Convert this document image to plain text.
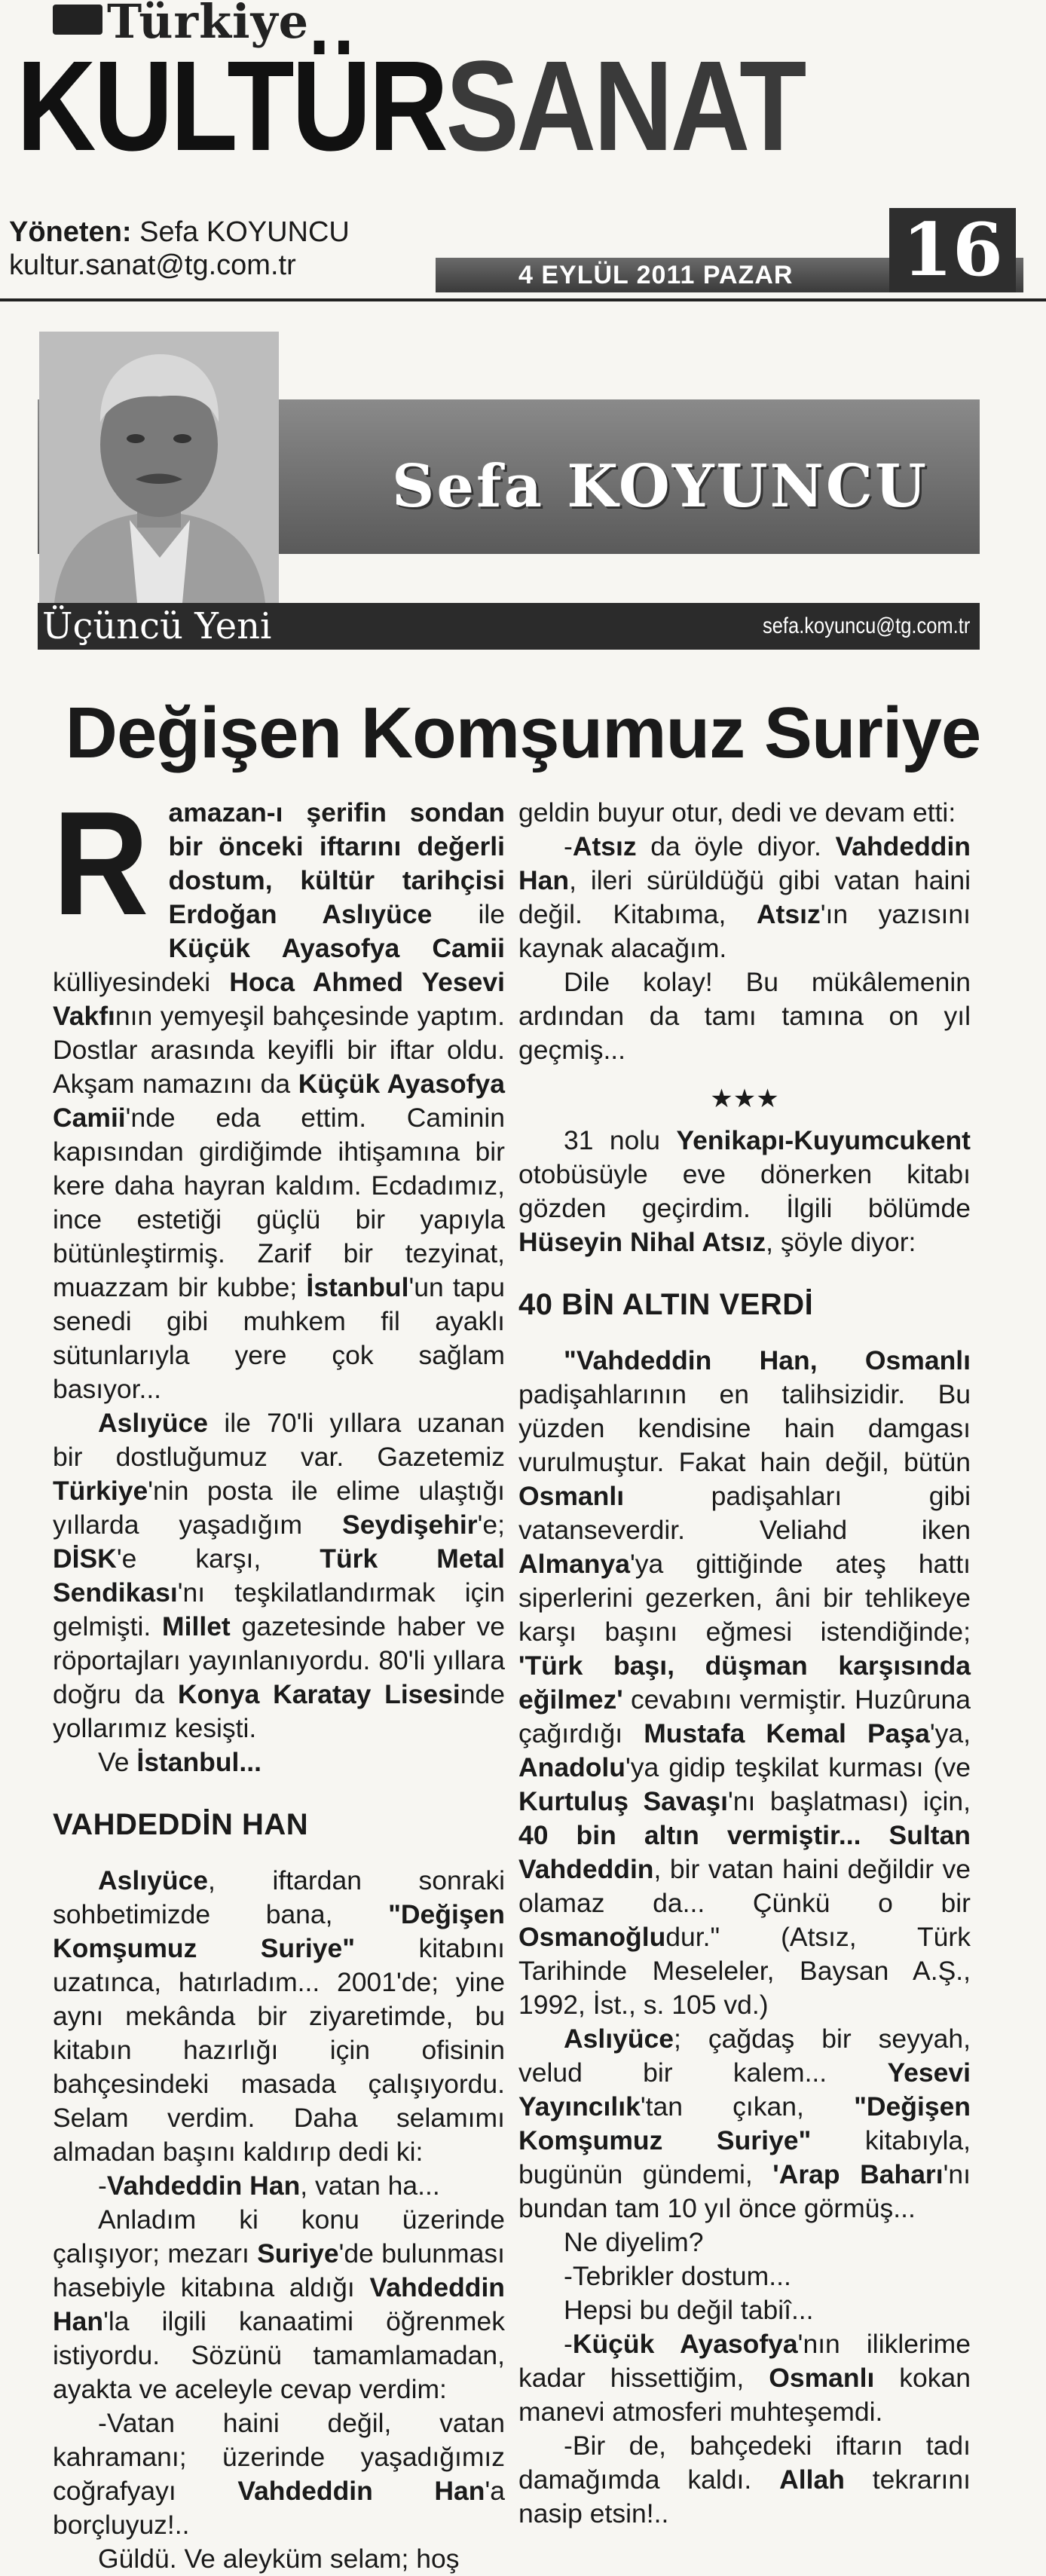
Türkiye
KULTÜRSANAT
Yöneten: Sefa KOYUNCU
kultur.sanat@tg.com.tr	4 EYLÜL 2011 PAZAR	16
Sefa KOYUNCU
Üçüncü Yeni	sefa.koyuncu@tg.com.tr
Değişen Komşumuz Suriye

Ramazan-ı şerifin sondan bir önceki iftarını değerli dostum, kültür tarihçisi Erdoğan Aslıyüce ile Küçük Ayasofya Camii külliyesindeki Hoca Ahmed Yesevi Vakfının yemyeşil bahçesinde yaptım. Dostlar arasında keyifli bir iftar oldu. Akşam namazını da Küçük Ayasofya Camii'nde eda ettim. Caminin kapısından girdiğimde ihtişamına bir kere daha hayran kaldım. Ecdadımız, ince estetiği güçlü bir yapıyla bütünleştirmiş. Zarif bir tezyinat, muazzam bir kubbe; İstanbul'un tapu senedi gibi muhkem fil ayaklı sütunlarıyla yere çok sağlam basıyor...

Aslıyüce ile 70'li yıllara uzanan bir dostluğumuz var. Gazetemiz Türkiye'nin posta ile elime ulaştığı yıllarda yaşadığım Seydişehir'e; DİSK'e karşı, Türk Metal Sendikası'nı teşkilatlandırmak için gelmişti. Millet gazetesinde haber ve röportajları yayınlanıyordu. 80'li yıllara doğru da Konya Karatay Lisesinde yollarımız kesişti.

Ve İstanbul...

VAHDEDDİN HAN

Aslıyüce, iftardan sonraki sohbetimizde bana, "Değişen Komşumuz Suriye" kitabını uzatınca, hatırladım... 2001'de; yine aynı mekânda bir ziyaretimde, bu kitabın hazırlığı için ofisinin bahçesindeki masada çalışıyordu. Selam verdim. Daha selamımı almadan başını kaldırıp dedi ki:

-Vahdeddin Han, vatan ha...

Anladım ki konu üzerinde çalışıyor; mezarı Suriye'de bulunması hasebiyle kitabına aldığı Vahdeddin Han'la ilgili kanaatimi öğrenmek istiyordu. Sözünü tamamlamadan, ayakta ve aceleyle cevap verdim:

-Vatan haini değil, vatan kahramanı; üzerinde yaşadığımız coğrafyayı Vahdeddin Han'a borçluyuz!..

Güldü. Ve aleyküm selam; hoş

geldin buyur otur, dedi ve devam etti:

-Atsız da öyle diyor. Vahdeddin Han, ileri sürüldüğü gibi vatan haini değil. Kitabıma, Atsız'ın yazısını kaynak alacağım.

Dile kolay! Bu mükâlemenin ardından da tamı tamına on yıl geçmiş...

★★★

31 nolu Yenikapı-Kuyumcukent otobüsüyle eve dönerken kitabı gözden geçirdim. İlgili bölümde Hüseyin Nihal Atsız, şöyle diyor:

40 BİN ALTIN VERDİ

"Vahdeddin Han, Osmanlı padişahlarının en talihsizidir. Bu yüzden kendisine hain damgası vurulmuştur. Fakat hain değil, bütün Osmanlı padişahları gibi vatanseverdir. Veliahd iken Almanya'ya gittiğinde ateş hattı siperlerini gezerken, âni bir tehlikeye karşı başını eğmesi istendiğinde; 'Türk başı, düşman karşısında eğilmez' cevabını vermiştir. Huzûruna çağırdığı Mustafa Kemal Paşa'ya, Anadolu'ya gidip teşkilat kurması (ve Kurtuluş Savaşı'nı başlatması) için, 40 bin altın vermiştir... Sultan Vahdeddin, bir vatan haini değildir ve olamaz da... Çünkü o bir Osmanoğludur." (Atsız, Türk Tarihinde Meseleler, Baysan A.Ş., 1992, İst., s. 105 vd.)

Aslıyüce; çağdaş bir seyyah, velud bir kalem... Yesevi Yayıncılık'tan çıkan, "Değişen Komşumuz Suriye" kitabıyla, bugünün gündemi, 'Arap Baharı'nı bundan tam 10 yıl önce görmüş...

Ne diyelim?

-Tebrikler dostum...

Hepsi bu değil tabiî...

-Küçük Ayasofya'nın iliklerime kadar hissettiğim, Osmanlı kokan manevi atmosferi muhteşemdi.

-Bir de, bahçedeki iftarın tadı damağımda kaldı. Allah tekrarını nasip etsin!..
